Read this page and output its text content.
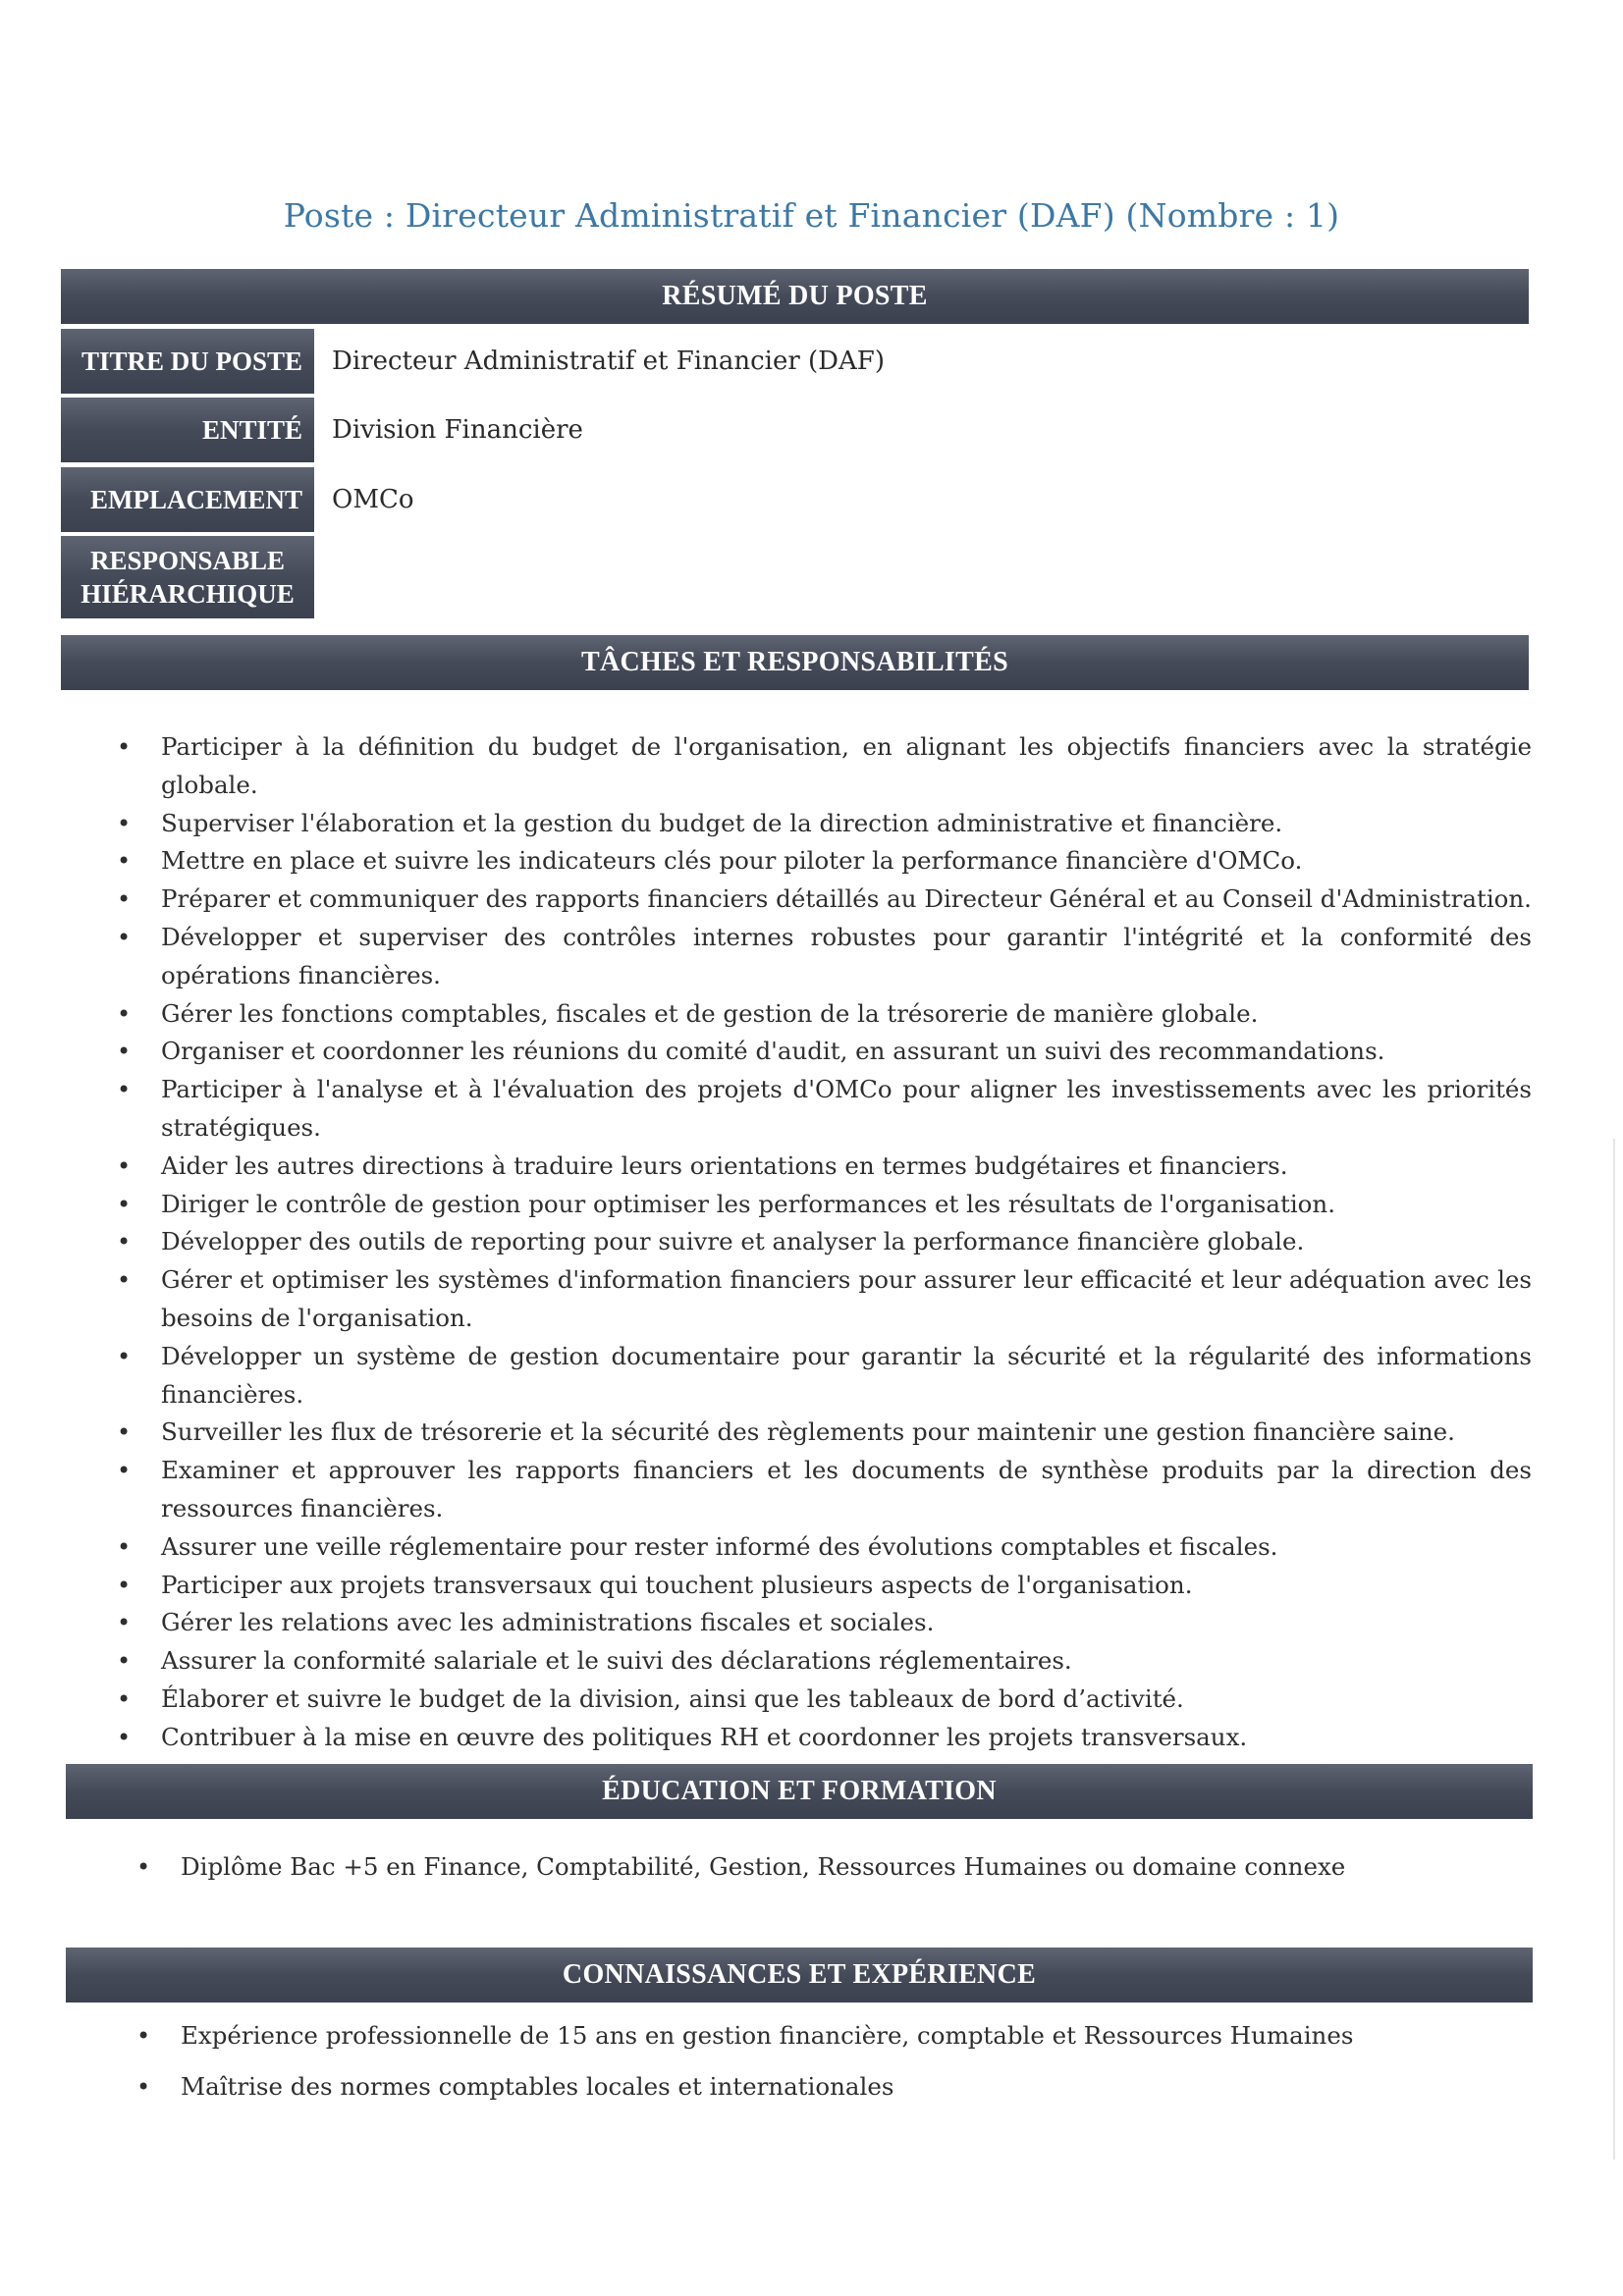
Poste : Directeur Administratif et Financier (DAF) (Nombre : 1)
RÉSUMÉ DU POSTE
TITRE DU POSTE	Directeur Administratif et Financier (DAF)
ENTITÉ	Division Financière
EMPLACEMENT	OMCo
RESPONSABLE HIÉRARCHIQUE
TÂCHES ET RESPONSABILITÉS
• Participer à la définition du budget de l'organisation, en alignant les objectifs financiers avec la stratégie globale.
• Superviser l'élaboration et la gestion du budget de la direction administrative et financière.
• Mettre en place et suivre les indicateurs clés pour piloter la performance financière d'OMCo.
• Préparer et communiquer des rapports financiers détaillés au Directeur Général et au Conseil d'Administration.
• Développer et superviser des contrôles internes robustes pour garantir l'intégrité et la conformité des opérations financières.
• Gérer les fonctions comptables, fiscales et de gestion de la trésorerie de manière globale.
• Organiser et coordonner les réunions du comité d'audit, en assurant un suivi des recommandations.
• Participer à l'analyse et à l'évaluation des projets d'OMCo pour aligner les investissements avec les priorités stratégiques.
• Aider les autres directions à traduire leurs orientations en termes budgétaires et financiers.
• Diriger le contrôle de gestion pour optimiser les performances et les résultats de l'organisation.
• Développer des outils de reporting pour suivre et analyser la performance financière globale.
• Gérer et optimiser les systèmes d'information financiers pour assurer leur efficacité et leur adéquation avec les besoins de l'organisation.
• Développer un système de gestion documentaire pour garantir la sécurité et la régularité des informations financières.
• Surveiller les flux de trésorerie et la sécurité des règlements pour maintenir une gestion financière saine.
• Examiner et approuver les rapports financiers et les documents de synthèse produits par la direction des ressources financières.
• Assurer une veille réglementaire pour rester informé des évolutions comptables et fiscales.
• Participer aux projets transversaux qui touchent plusieurs aspects de l'organisation.
• Gérer les relations avec les administrations fiscales et sociales.
• Assurer la conformité salariale et le suivi des déclarations réglementaires.
• Élaborer et suivre le budget de la division, ainsi que les tableaux de bord d’activité.
• Contribuer à la mise en œuvre des politiques RH et coordonner les projets transversaux.
ÉDUCATION ET FORMATION
• Diplôme Bac +5 en Finance, Comptabilité, Gestion, Ressources Humaines ou domaine connexe
CONNAISSANCES ET EXPÉRIENCE
• Expérience professionnelle de 15 ans en gestion financière, comptable et Ressources Humaines
• Maîtrise des normes comptables locales et internationales
